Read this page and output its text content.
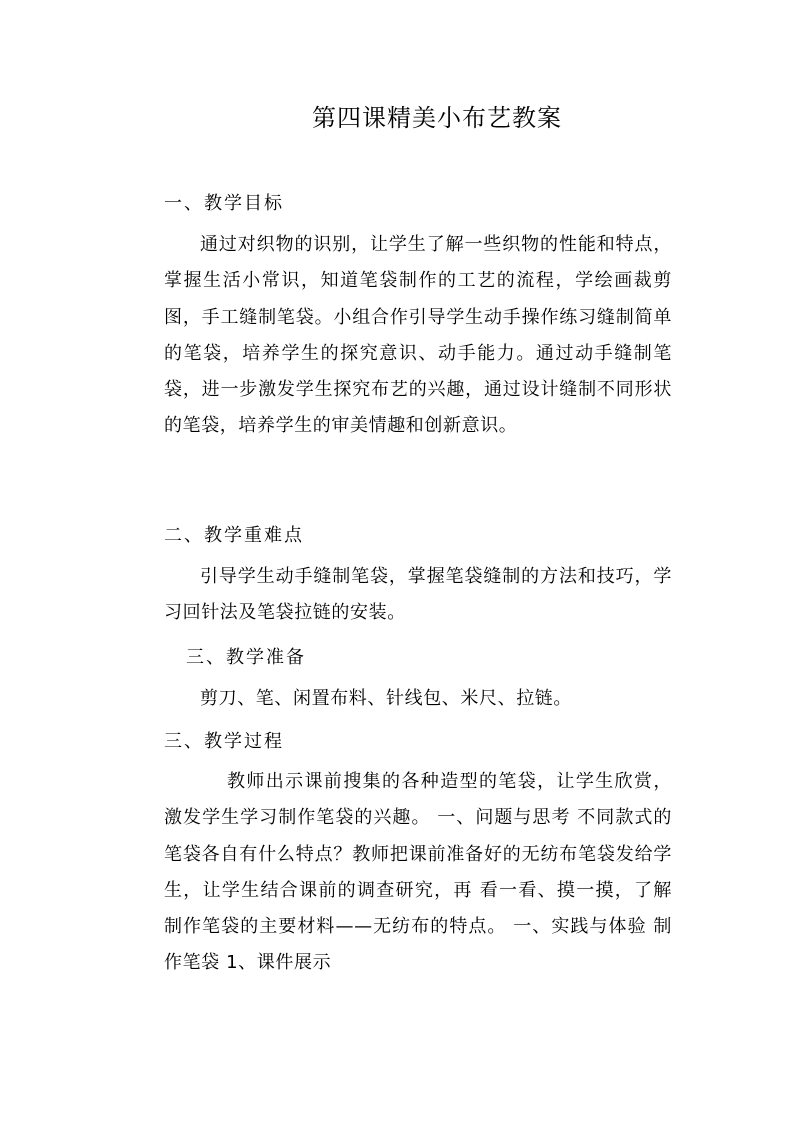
第四课精美小布艺教案
一、教学目标
通过对织物的识别，让学生了解一些织物的性能和特点，掌握生活小常识，知道笔袋制作的工艺的流程，学绘画裁剪图，手工缝制笔袋。小组合作引导学生动手操作练习缝制简单的笔袋，培养学生的探究意识、动手能力。通过动手缝制笔袋，进一步激发学生探究布艺的兴趣，通过设计缝制不同形状的笔袋，培养学生的审美情趣和创新意识。
二、教学重难点
引导学生动手缝制笔袋，掌握笔袋缝制的方法和技巧，学习回针法及笔袋拉链的安装。
三、教学准备
剪刀、笔、闲置布料、针线包、米尺、拉链。
三、教学过程
教师出示课前搜集的各种造型的笔袋，让学生欣赏，激发学生学习制作笔袋的兴趣。 一、问题与思考 不同款式的笔袋各自有什么特点？教师把课前准备好的无纺布笔袋发给学生，让学生结合课前的调查研究，再 看一看、摸一摸，了解制作笔袋的主要材料——无纺布的特点。 一、实践与体验 制作笔袋 1、课件展示
